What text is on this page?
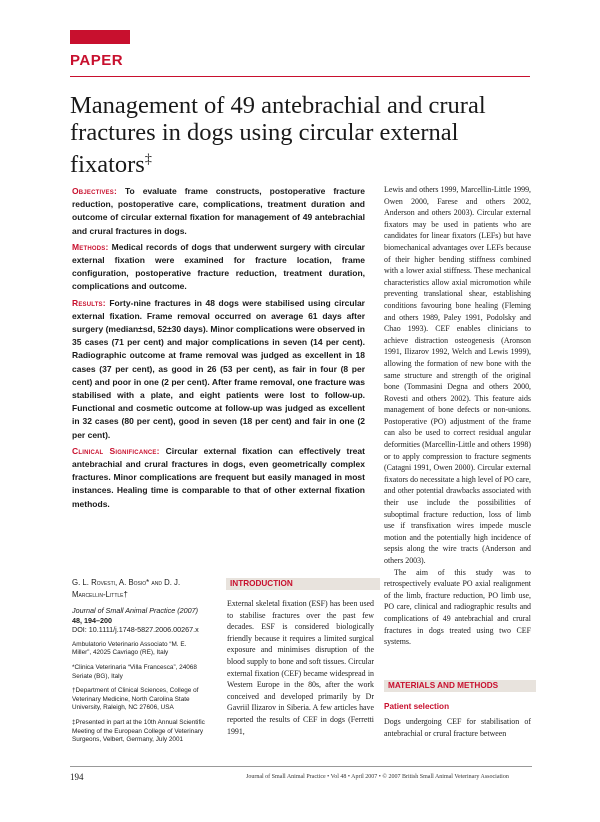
PAPER
Management of 49 antebrachial and crural fractures in dogs using circular external fixators‡

Objectives: To evaluate frame constructs, postoperative fracture reduction, postoperative care, complications, treatment duration and outcome of circular external fixation for management of 49 antebrachial and crural fractures in dogs.

Methods: Medical records of dogs that underwent surgery with circular external fixation were examined for fracture location, frame configuration, postoperative fracture reduction, treatment duration, complications and outcome.

Results: Forty-nine fractures in 48 dogs were stabilised using circular external fixation. Frame removal occurred on average 61 days after surgery (median±sd, 52±30 days). Minor complications were observed in 35 cases (71 per cent) and major complications in seven (14 per cent). Radiographic outcome at frame removal was judged as excellent in 18 cases (37 per cent), as good in 26 (53 per cent), as fair in four (8 per cent) and poor in one (2 per cent). After frame removal, one fracture was stabilised with a plate, and eight patients were lost to follow-up. Functional and cosmetic outcome at follow-up was judged as excellent in 32 cases (80 per cent), good in seven (18 per cent) and fair in one (2 per cent).

Clinical Significance: Circular external fixation can effectively treat antebrachial and crural fractures in dogs, even geometrically complex fractures. Minor complications are frequent but easily managed in most instances. Healing time is comparable to that of other external fixation methods.

G. L. Rovesti, A. Bosio* and D. J. Marcellin-Little†

Journal of Small Animal Practice (2007)
48, 194–200
DOI: 10.1111/j.1748-5827.2006.00267.x

Ambulatorio Veterinario Associato “M. E. Miller”, 42025 Cavriago (RE), Italy

*Clinica Veterinaria “Villa Francesca”, 24068 Seriate (BG), Italy

†Department of Clinical Sciences, College of Veterinary Medicine, North Carolina State University, Raleigh, NC 27606, USA

‡Presented in part at the 10th Annual Scientific Meeting of the European College of Veterinary Surgeons, Velbert, Germany, July 2001

INTRODUCTION

External skeletal fixation (ESF) has been used to stabilise fractures over the past few decades. ESF is considered biologically friendly because it requires a limited surgical exposure and minimises disruption of the blood supply to bone and soft tissues. Circular external fixation (CEF) became widespread in Western Europe in the 80s, after the work conceived and developed primarily by Dr Gavriil Ilizarov in Siberia. A few articles have reported the results of CEF in dogs (Ferretti 1991,

Lewis and others 1999, Marcellin-Little 1999, Owen 2000, Farese and others 2002, Anderson and others 2003). Circular external fixators may be used in patients who are candidates for linear fixators (LEFs) but have biomechanical advantages over LEFs because of their higher bending stiffness combined with a lower axial stiffness. These mechanical characteristics allow axial micromotion while preventing translational shear, establishing conditions favouring bone healing (Fleming and others 1989, Paley 1991, Podolsky and Chao 1993). CEF enables clinicians to achieve distraction osteogenesis (Aronson 1991, Ilizarov 1992, Welch and Lewis 1999), allowing the formation of new bone with the same structure and strength of the original bone (Tommasini Degna and others 2000, Rovesti and others 2002). This feature aids management of bone defects or non-unions. Postoperative (PO) adjustment of the frame can also be used to correct residual angular deformities (Marcellin-Little and others 1998) or to apply compression to fracture segments (Catagni 1991, Owen 2000). Circular external fixators do necessitate a high level of PO care, and other potential drawbacks associated with their use include the possibilities of suboptimal fracture reduction, loss of limb use if transfixation wires impede muscle motion and the potentially high incidence of sepsis along the wire tracts (Anderson and others 2003).

The aim of this study was to retrospectively evaluate PO axial realignment of the limb, fracture reduction, PO limb use, PO care, clinical and radiographic results and complications of 49 antebrachial and crural fractures in dogs treated using two CEF systems.

MATERIALS AND METHODS
Patient selection

Dogs undergoing CEF for stabilisation of antebrachial or crural fracture between

194	Journal of Small Animal Practice • Vol 48 • April 2007 • © 2007 British Small Animal Veterinary Association
